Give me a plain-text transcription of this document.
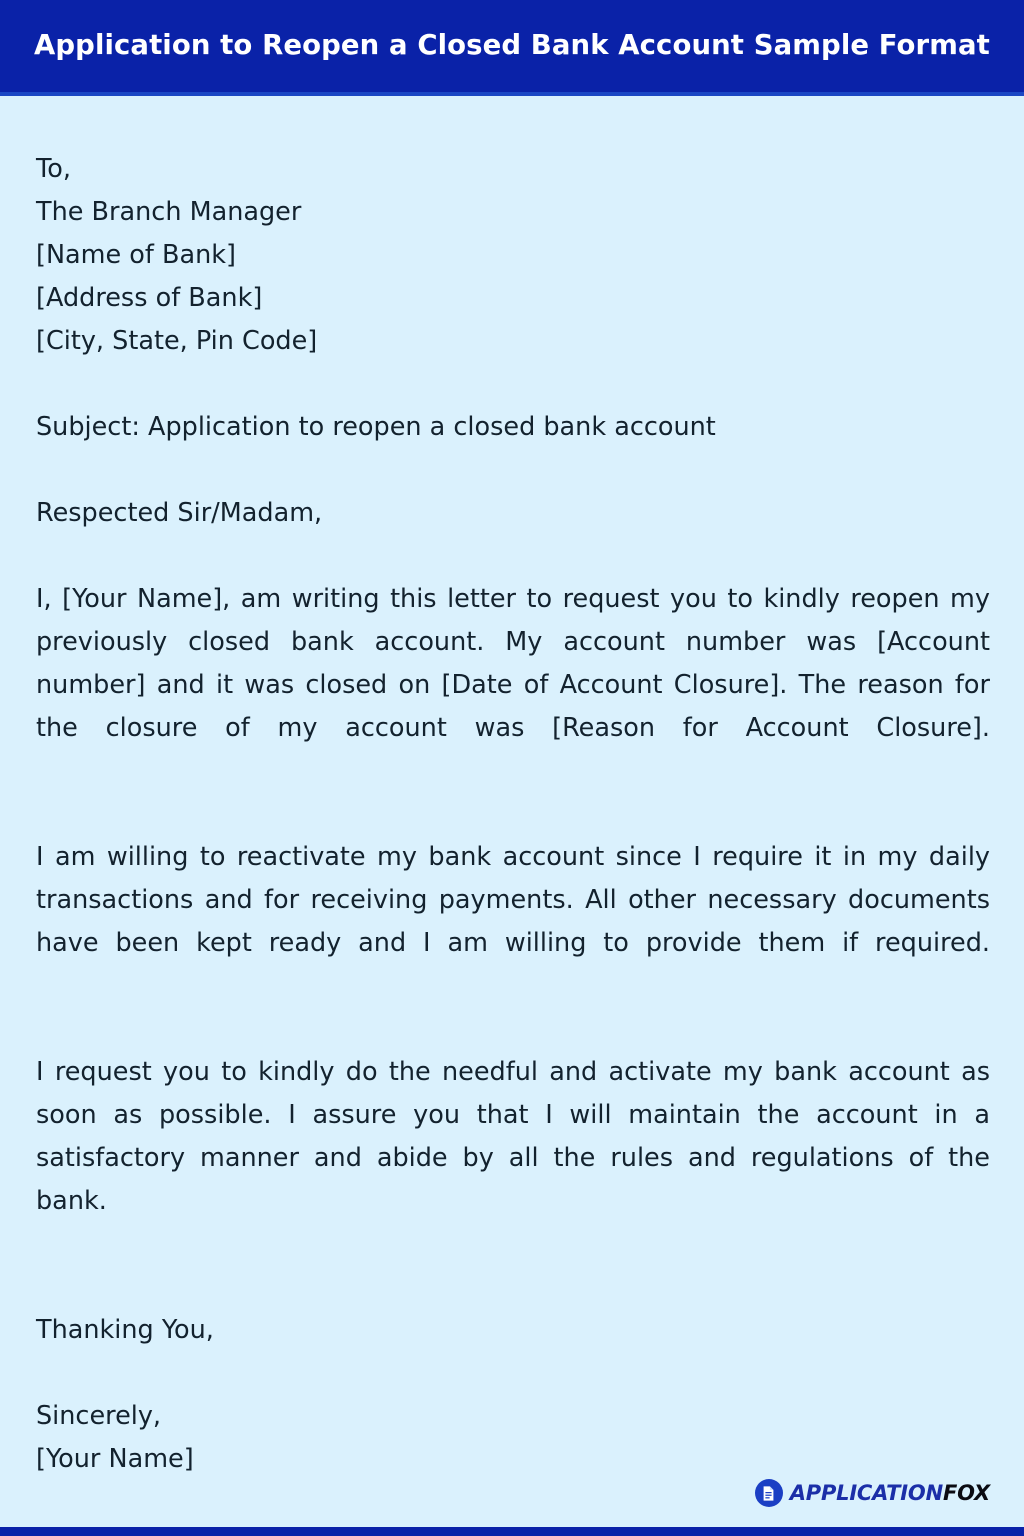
Application to Reopen a Closed Bank Account Sample Format
To,
The Branch Manager
[Name of Bank]
[Address of Bank]
[City, State, Pin Code]

Subject: Application to reopen a closed bank account

Respected Sir/Madam,

I, [Your Name], am writing this letter to request you to kindly reopen my previously closed bank account. My account number was [Account number] and it was closed on [Date of Account Closure]. The reason for the closure of my account was [Reason for Account Closure].

I am willing to reactivate my bank account since I require it in my daily transactions and for receiving payments. All other necessary documents have been kept ready and I am willing to provide them if required.

I request you to kindly do the needful and activate my bank account as soon as possible. I assure you that I will maintain the account in a satisfactory manner and abide by all the rules and regulations of the bank.

Thanking You,

Sincerely,
[Your Name]
APPLICATIONFOX
